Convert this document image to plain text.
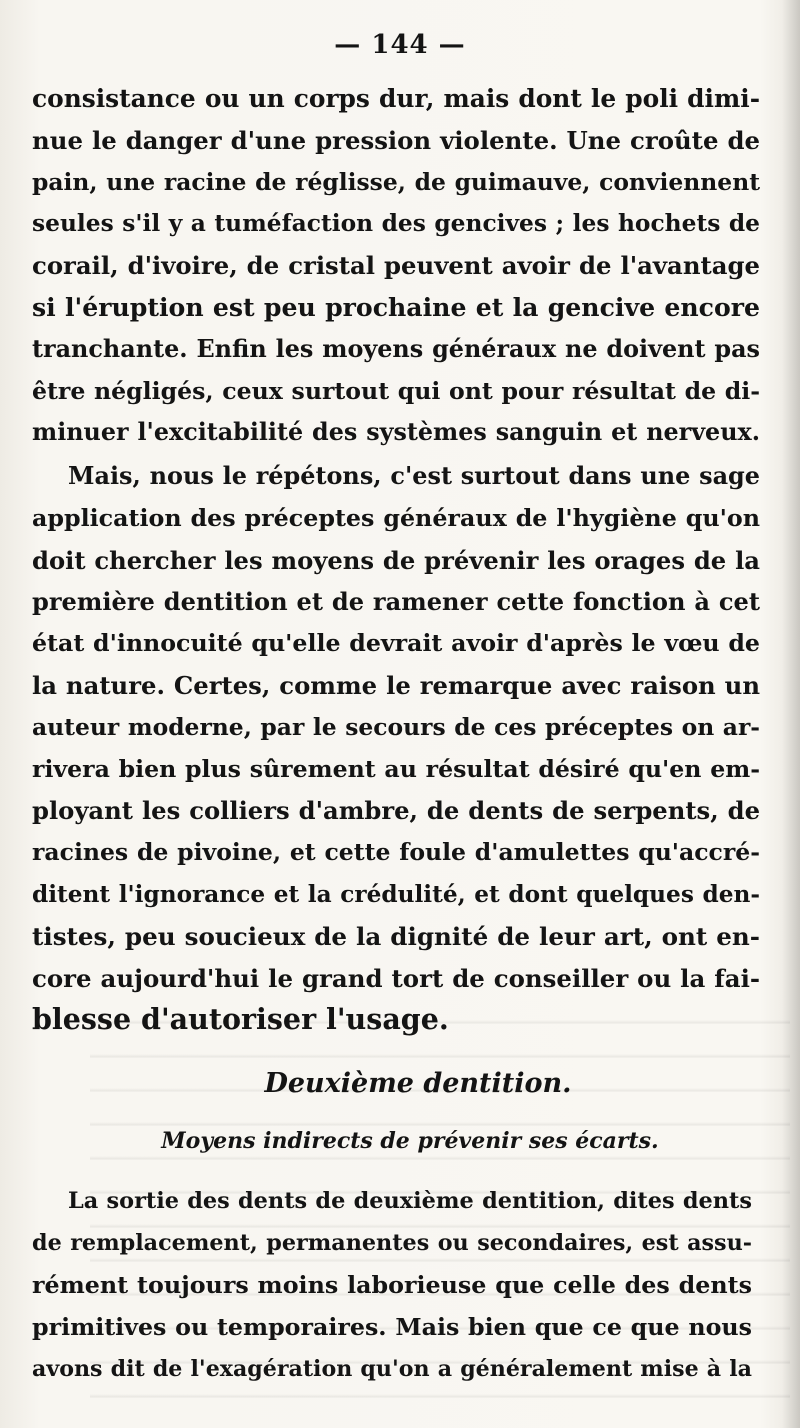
— 144 —
consistance ou un corps dur, mais dont le poli dimi-
nue le danger d'une pression violente. Une croûte de
pain, une racine de réglisse, de guimauve, conviennent
seules s'il y a tuméfaction des gencives ; les hochets de
corail, d'ivoire, de cristal peuvent avoir de l'avantage
si l'éruption est peu prochaine et la gencive encore
tranchante. Enfin les moyens généraux ne doivent pas
être négligés, ceux surtout qui ont pour résultat de di-
minuer l'excitabilité des systèmes sanguin et nerveux.
Mais, nous le répétons, c'est surtout dans une sage
application des préceptes généraux de l'hygiène qu'on
doit chercher les moyens de prévenir les orages de la
première dentition et de ramener cette fonction à cet
état d'innocuité qu'elle devrait avoir d'après le vœu de
la nature. Certes, comme le remarque avec raison un
auteur moderne, par le secours de ces préceptes on ar-
rivera bien plus sûrement au résultat désiré qu'en em-
ployant les colliers d'ambre, de dents de serpents, de
racines de pivoine, et cette foule d'amulettes qu'accré-
ditent l'ignorance et la crédulité, et dont quelques den-
tistes, peu soucieux de la dignité de leur art, ont en-
core aujourd'hui le grand tort de conseiller ou la fai-
blesse d'autoriser l'usage.
Deuxième dentition.
Moyens indirects de prévenir ses écarts.
La sortie des dents de deuxième dentition, dites dents
de remplacement, permanentes ou secondaires, est assu-
rément toujours moins laborieuse que celle des dents
primitives ou temporaires. Mais bien que ce que nous
avons dit de l'exagération qu'on a généralement mise à la
